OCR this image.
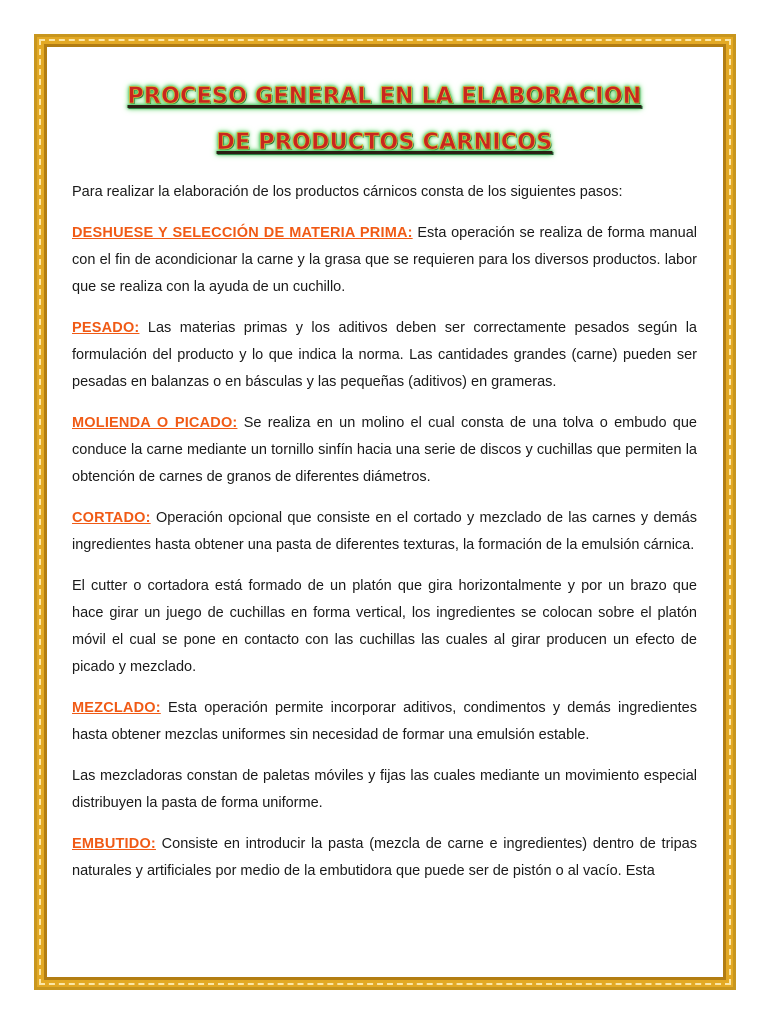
PROCESO GENERAL EN LA ELABORACION
DE PRODUCTOS CARNICOS

Para realizar la elaboración de los productos cárnicos consta de los siguientes pasos:

DESHUESE Y SELECCIÓN DE MATERIA PRIMA: Esta operación se realiza de forma manual con el fin de acondicionar la carne y la grasa que se requieren para los diversos productos. labor que se realiza con la ayuda de un cuchillo.

PESADO: Las materias primas y los aditivos deben ser correctamente pesados según la formulación del producto y lo que indica la norma. Las cantidades grandes (carne) pueden ser pesadas en balanzas o en básculas y las pequeñas (aditivos) en grameras.

MOLIENDA O PICADO: Se realiza en un molino el cual consta de una tolva o embudo que conduce la carne mediante un tornillo sinfín hacia una serie de discos y cuchillas que permiten la obtención de carnes de granos de diferentes diámetros.

CORTADO: Operación opcional que consiste en el cortado y mezclado de las carnes y demás ingredientes hasta obtener una pasta de diferentes texturas, la formación de la emulsión cárnica.

El cutter o cortadora está formado de un platón que gira horizontalmente y por un brazo que hace girar un juego de cuchillas en forma vertical, los ingredientes se colocan sobre el platón móvil el cual se pone en contacto con las cuchillas las cuales al girar producen un efecto de picado y mezclado.

MEZCLADO: Esta operación permite incorporar aditivos, condimentos y demás ingredientes hasta obtener mezclas uniformes sin necesidad de formar una emulsión estable.

Las mezcladoras constan de paletas móviles y fijas las cuales mediante un movimiento especial distribuyen la pasta de forma uniforme.

EMBUTIDO: Consiste en introducir la pasta (mezcla de carne e ingredientes) dentro de tripas naturales y artificiales por medio de la embutidora que puede ser de pistón o al vacío. Esta
